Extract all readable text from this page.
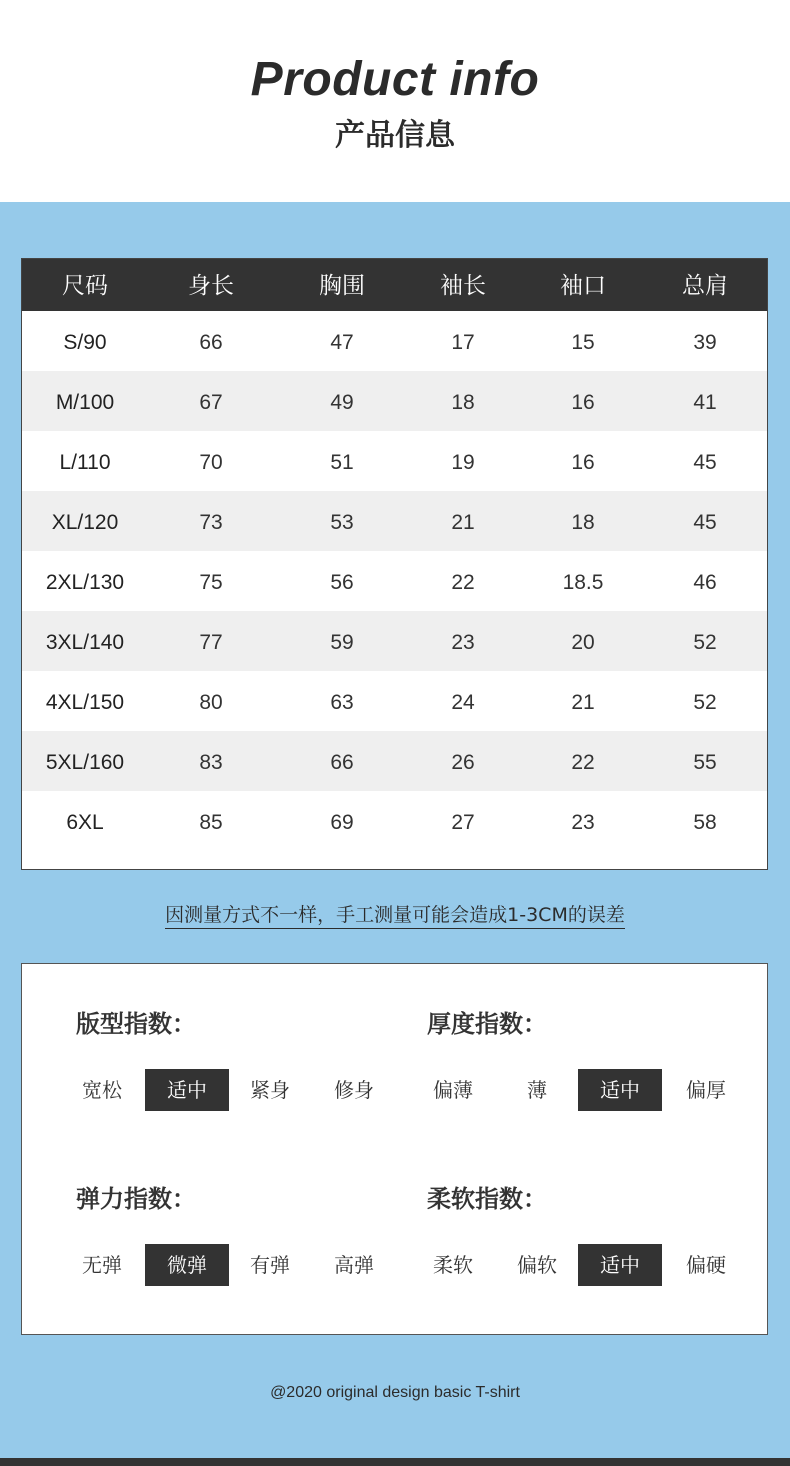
Product info
产品信息
尺码	身长	胸围	袖长	袖口	总肩
S/90	66	47	17	15	39
M/100	67	49	18	16	41
L/110	70	51	19	16	45
XL/120	73	53	21	18	45
2XL/130	75	56	22	18.5	46
3XL/140	77	59	23	20	52
4XL/150	80	63	24	21	52
5XL/160	83	66	26	22	55
6XL	85	69	27	23	58
因测量方式不一样，手工测量可能会造成1-3CM的误差
版型指数：
宽松	适中	紧身	修身
厚度指数：
偏薄	薄	适中	偏厚
弹力指数：
无弹	微弹	有弹	高弹
柔软指数：
柔软	偏软	适中	偏硬
@2020 original design basic T-shirt
